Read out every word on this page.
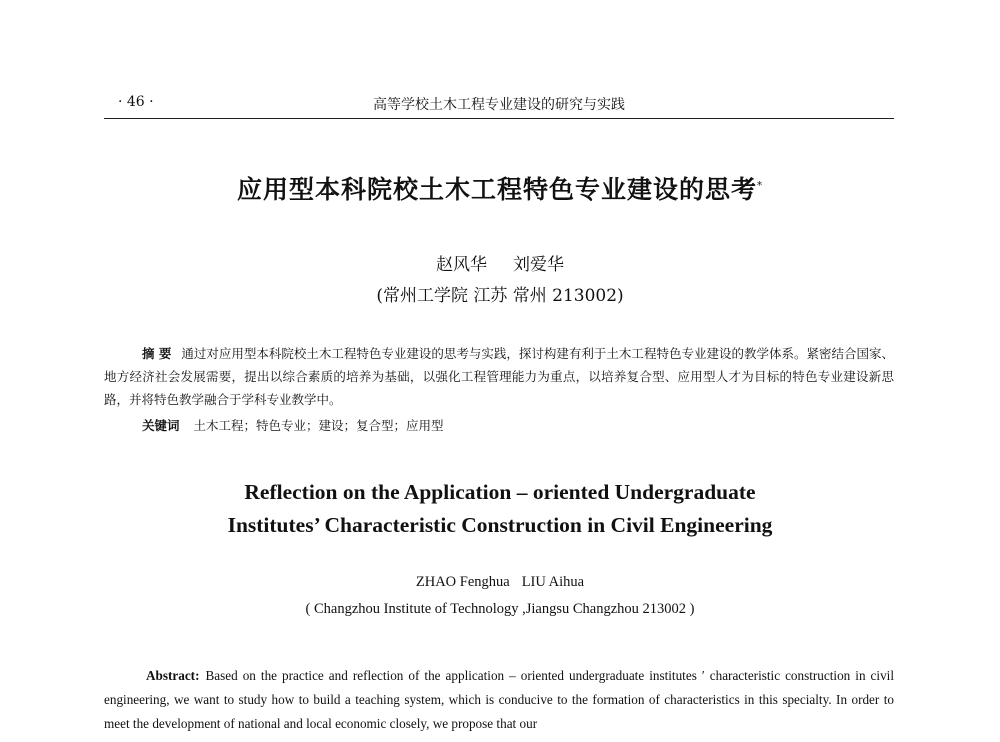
· 46 ·	高等学校土木工程专业建设的研究与实践
应用型本科院校土木工程特色专业建设的思考*
赵风华 刘爱华
(常州工学院 江苏 常州 213002)
摘 要 通过对应用型本科院校土木工程特色专业建设的思考与实践，探讨构建有利于土木工程特色专业建设的教学体系。紧密结合国家、地方经济社会发展需要，提出以综合素质的培养为基础，以强化工程管理能力为重点，以培养复合型、应用型人才为目标的特色专业建设新思路，并将特色教学融合于学科专业教学中。
关键词 土木工程；特色专业；建设；复合型；应用型
Reflection on the Application – oriented Undergraduate
Institutes’ Characteristic Construction in Civil Engineering
ZHAO Fenghua LIU Aihua
( Changzhou Institute of Technology ,Jiangsu Changzhou 213002 )
Abstract: Based on the practice and reflection of the application – oriented undergraduate institutes ′ characteristic construction in civil engineering, we want to study how to build a teaching system, which is conducive to the formation of characteristics in this specialty. In order to meet the development of national and local economic closely, we propose that our
